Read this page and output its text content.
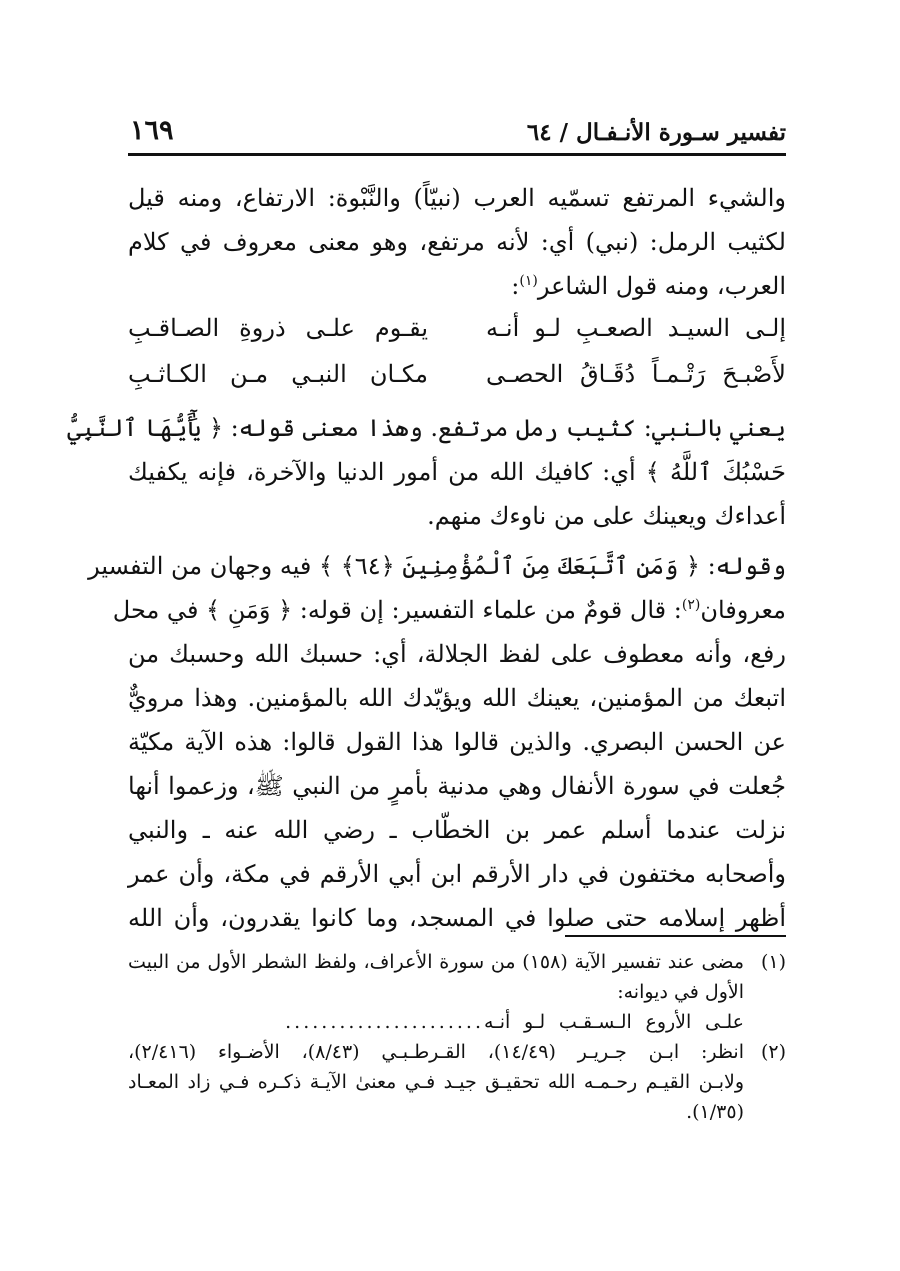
تفسير سـورة الأنـفـال / ٦٤
١٦٩
والشيء المرتفع تسمّيه العرب (نبيّاً) والنَّبْوة: الارتفاع، ومنه قيل
لكثيب الرمل: (نبي) أي: لأنه مرتفع، وهو معنى معروف في كلام
العرب، ومنه قول الشاعر$^{(١)}$:
إلـى السيـد الصعـبِ لـو أنـه
يقـوم علـى ذروةِ الصـاقـبِ
لأَصْبـحَ رَتْـمـاً دُقَـاقُ الحصـى
مكـان النبـي مـن الكـاثـبِ
يعني بالنبي: كثيب رمل مرتفع. وهذا معنى قوله: ﴿ يَٰٓأَيُّهَا ٱلنَّبِيُّ
حَسْبُكَ ٱللَّهُ ﴾ أي: كافيك الله من أمور الدنيا والآخرة، فإنه يكفيك
أعداءك ويعينك على من ناوءك منهم.
وقوله: ﴿ وَمَنِ ٱتَّبَعَكَ مِنَ ٱلْمُؤْمِنِينَ ﴿٦٤﴾ ﴾ فيه وجهان من التفسير
معروفان$^{(٢)}$: قال قومٌ من علماء التفسير: إن قوله: ﴿ وَمَنِ ﴾ في محل
رفع، وأنه معطوف على لفظ الجلالة، أي: حسبك الله وحسبك من
اتبعك من المؤمنين، يعينك الله ويؤيّدك الله بالمؤمنين. وهذا مرويٌّ
عن الحسن البصري. والذين قالوا هذا القول قالوا: هذه الآية مكيّة
جُعلت في سورة الأنفال وهي مدنية بأمرٍ من النبي ﷺ، وزعموا أنها
نزلت عندما أسلم عمر بن الخطّاب ـ رضي الله عنه ـ والنبي
وأصحابه مختفون في دار الأرقم ابن أبي الأرقم في مكة، وأن عمر
أظهر إسلامه حتى صلوا في المسجد، وما كانوا يقدرون، وأن الله
(١)
مضى عند تفسير الآية (١٥٨) من سورة الأعراف، ولفظ الشطر الأول من البيت
الأول في ديوانه:
علـى الأروع الـسـقـب لـو أنـه
......................
(٢)
انظر: ابـن جـريـر (١٤/٤٩)، القـرطـبـي (٨/٤٣)، الأضـواء (٢/٤١٦)،
ولابـن القيـم رحـمـه الله تحقيـق جيـد فـي معنىٰ الآيـة ذكـره فـي زاد المعـاد
(١/٣٥).
